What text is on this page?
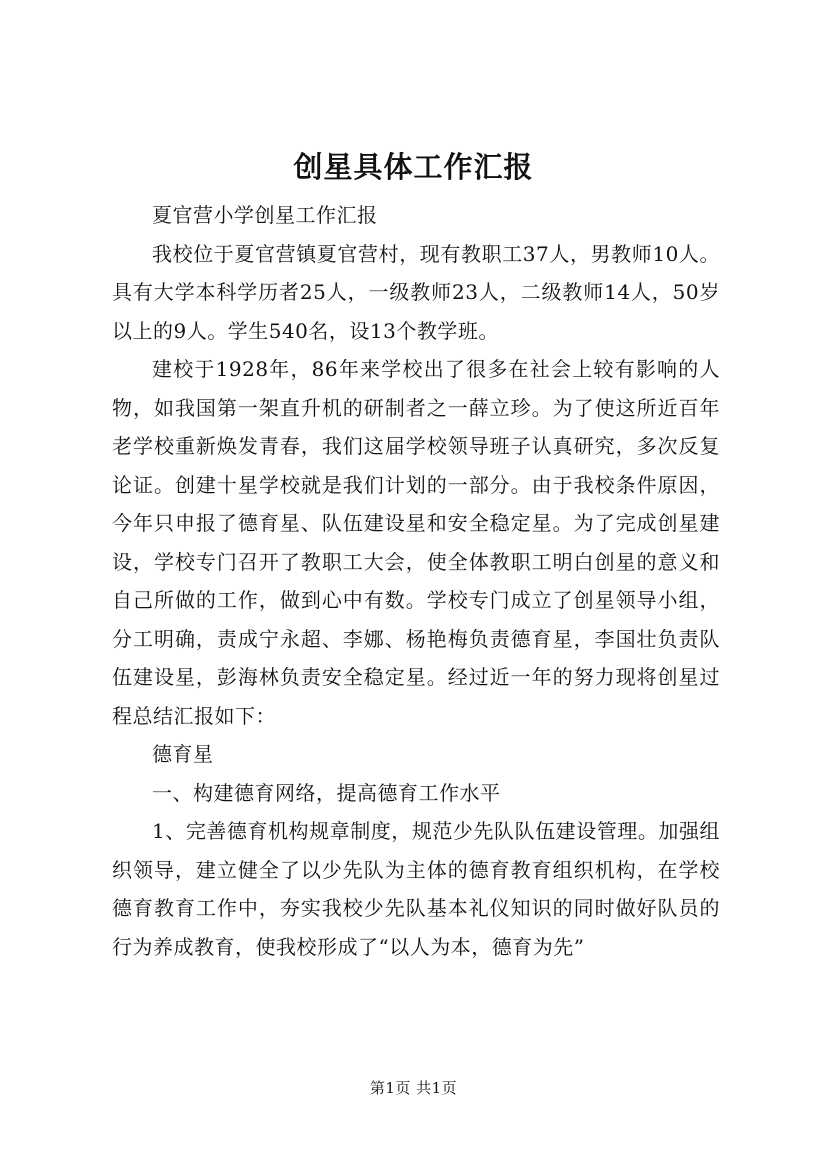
创星具体工作汇报

夏官营小学创星工作汇报

我校位于夏官营镇夏官营村，现有教职工37人，男教师10人。具有大学本科学历者25人，一级教师23人，二级教师14人，50岁以上的9人。学生540名，设13个教学班。

建校于1928年，86年来学校出了很多在社会上较有影响的人物，如我国第一架直升机的研制者之一薛立珍。为了使这所近百年老学校重新焕发青春，我们这届学校领导班子认真研究，多次反复论证。创建十星学校就是我们计划的一部分。由于我校条件原因，今年只申报了德育星、队伍建设星和安全稳定星。为了完成创星建设，学校专门召开了教职工大会，使全体教职工明白创星的意义和自己所做的工作，做到心中有数。学校专门成立了创星领导小组，分工明确，责成宁永超、李娜、杨艳梅负责德育星，李国壮负责队伍建设星，彭海林负责安全稳定星。经过近一年的努力现将创星过程总结汇报如下：

德育星

一、构建德育网络，提高德育工作水平

1、完善德育机构规章制度，规范少先队队伍建设管理。加强组织领导，建立健全了以少先队为主体的德育教育组织机构，在学校德育教育工作中，夯实我校少先队基本礼仪知识的同时做好队员的行为养成教育，使我校形成了“以人为本，德育为先”

第1页 共1页
